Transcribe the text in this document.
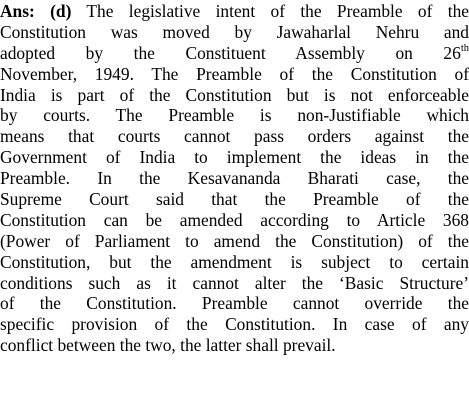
Ans: (d) The legislative intent of the Preamble of the
Constitution was moved by Jawaharlal Nehru and
adopted by the Constituent Assembly on 26th
November, 1949. The Preamble of the Constitution of
India is part of the Constitution but is not enforceable
by courts. The Preamble is non-Justifiable which
means that courts cannot pass orders against the
Government of India to implement the ideas in the
Preamble. In the Kesavananda Bharati case, the
Supreme Court said that the Preamble of the
Constitution can be amended according to Article 368
(Power of Parliament to amend the Constitution) of the
Constitution, but the amendment is subject to certain
conditions such as it cannot alter the ‘Basic Structure’
of the Constitution. Preamble cannot override the
specific provision of the Constitution. In case of any
conflict between the two, the latter shall prevail.
